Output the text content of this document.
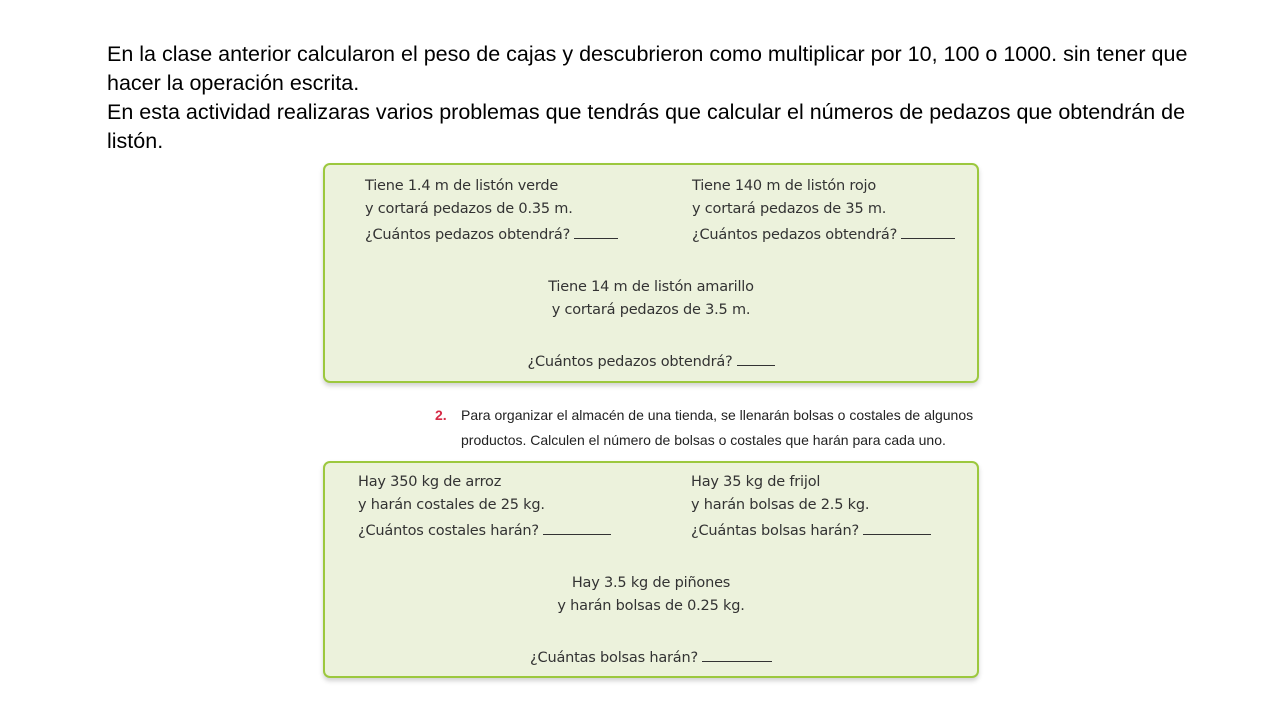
En la clase anterior calcularon el peso de cajas y descubrieron como multiplicar por 10, 100 o 1000. sin tener que hacer la operación escrita.

En esta actividad realizaras varios problemas que tendrás que calcular el números de pedazos que obtendrán de listón.

Tiene 1.4 m de listón verde
y cortará pedazos de 0.35 m.
¿Cuántos pedazos obtendrá?
Tiene 140 m de listón rojo
y cortará pedazos de 35 m.
¿Cuántos pedazos obtendrá?
Tiene 14 m de listón amarillo
y cortará pedazos de 3.5 m.
¿Cuántos pedazos obtendrá?
2. Para organizar el almacén de una tienda, se llenarán bolsas o costales de algunos productos. Calculen el número de bolsas o costales que harán para cada uno.
Hay 350 kg de arroz
y harán costales de 25 kg.
¿Cuántos costales harán?
Hay 35 kg de frijol
y harán bolsas de 2.5 kg.
¿Cuántas bolsas harán?
Hay 3.5 kg de piñones
y harán bolsas de 0.25 kg.
¿Cuántas bolsas harán?
